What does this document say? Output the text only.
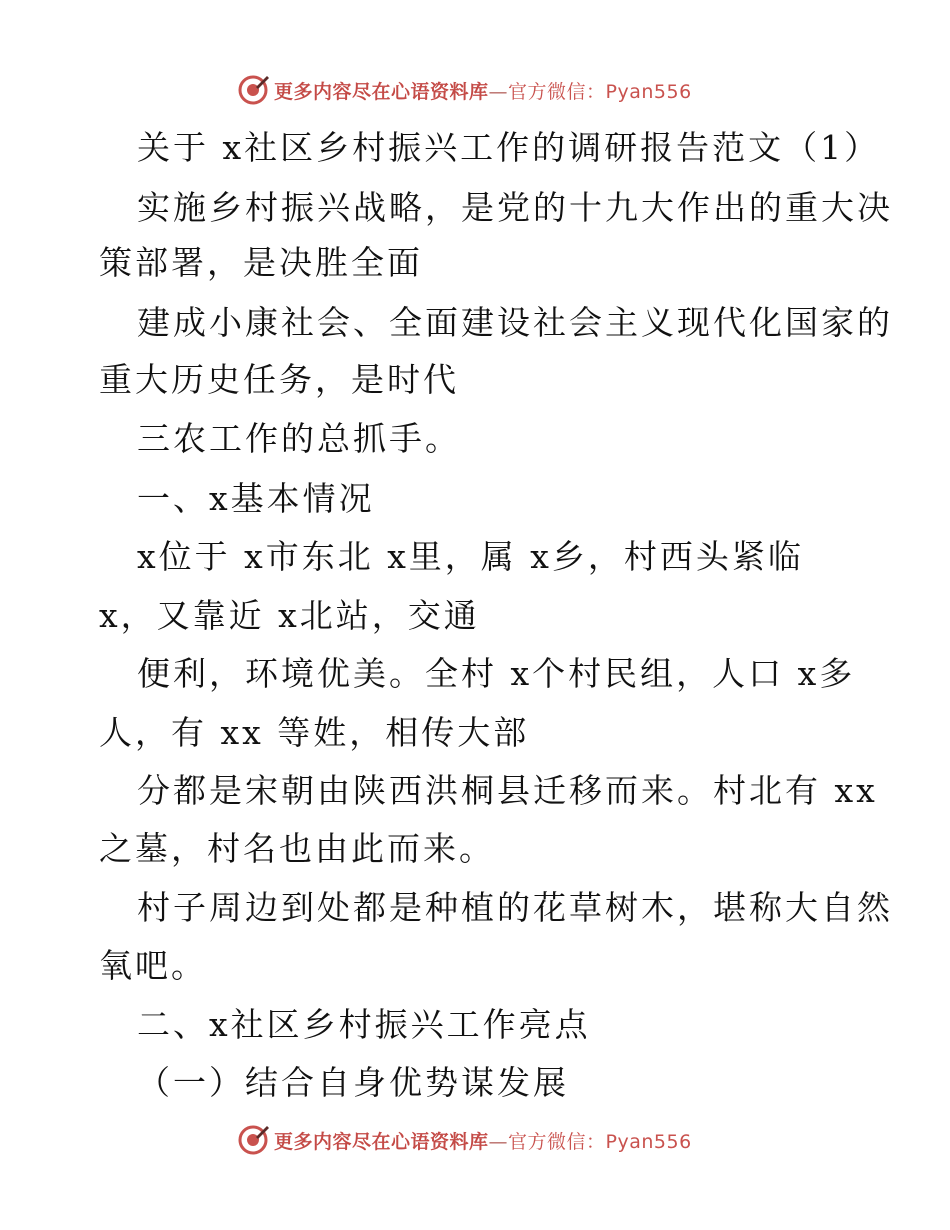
更多内容尽在心语资料库—官方微信：Pyan556
关于 x社区乡村振兴工作的调研报告范文（1）
实施乡村振兴战略，是党的十九大作出的重大决
策部署，是决胜全面
建成小康社会、全面建设社会主义现代化国家的
重大历史任务，是时代
三农工作的总抓手。
一、x基本情况
x位于 x市东北 x里，属 x乡，村西头紧临
x，又靠近 x北站，交通
便利，环境优美。全村 x个村民组，人口 x多
人，有 xx 等姓，相传大部
分都是宋朝由陕西洪桐县迁移而来。村北有 xx
之墓，村名也由此而来。
村子周边到处都是种植的花草树木，堪称大自然
氧吧。
二、x社区乡村振兴工作亮点
（一）结合自身优势谋发展
更多内容尽在心语资料库—官方微信：Pyan556
